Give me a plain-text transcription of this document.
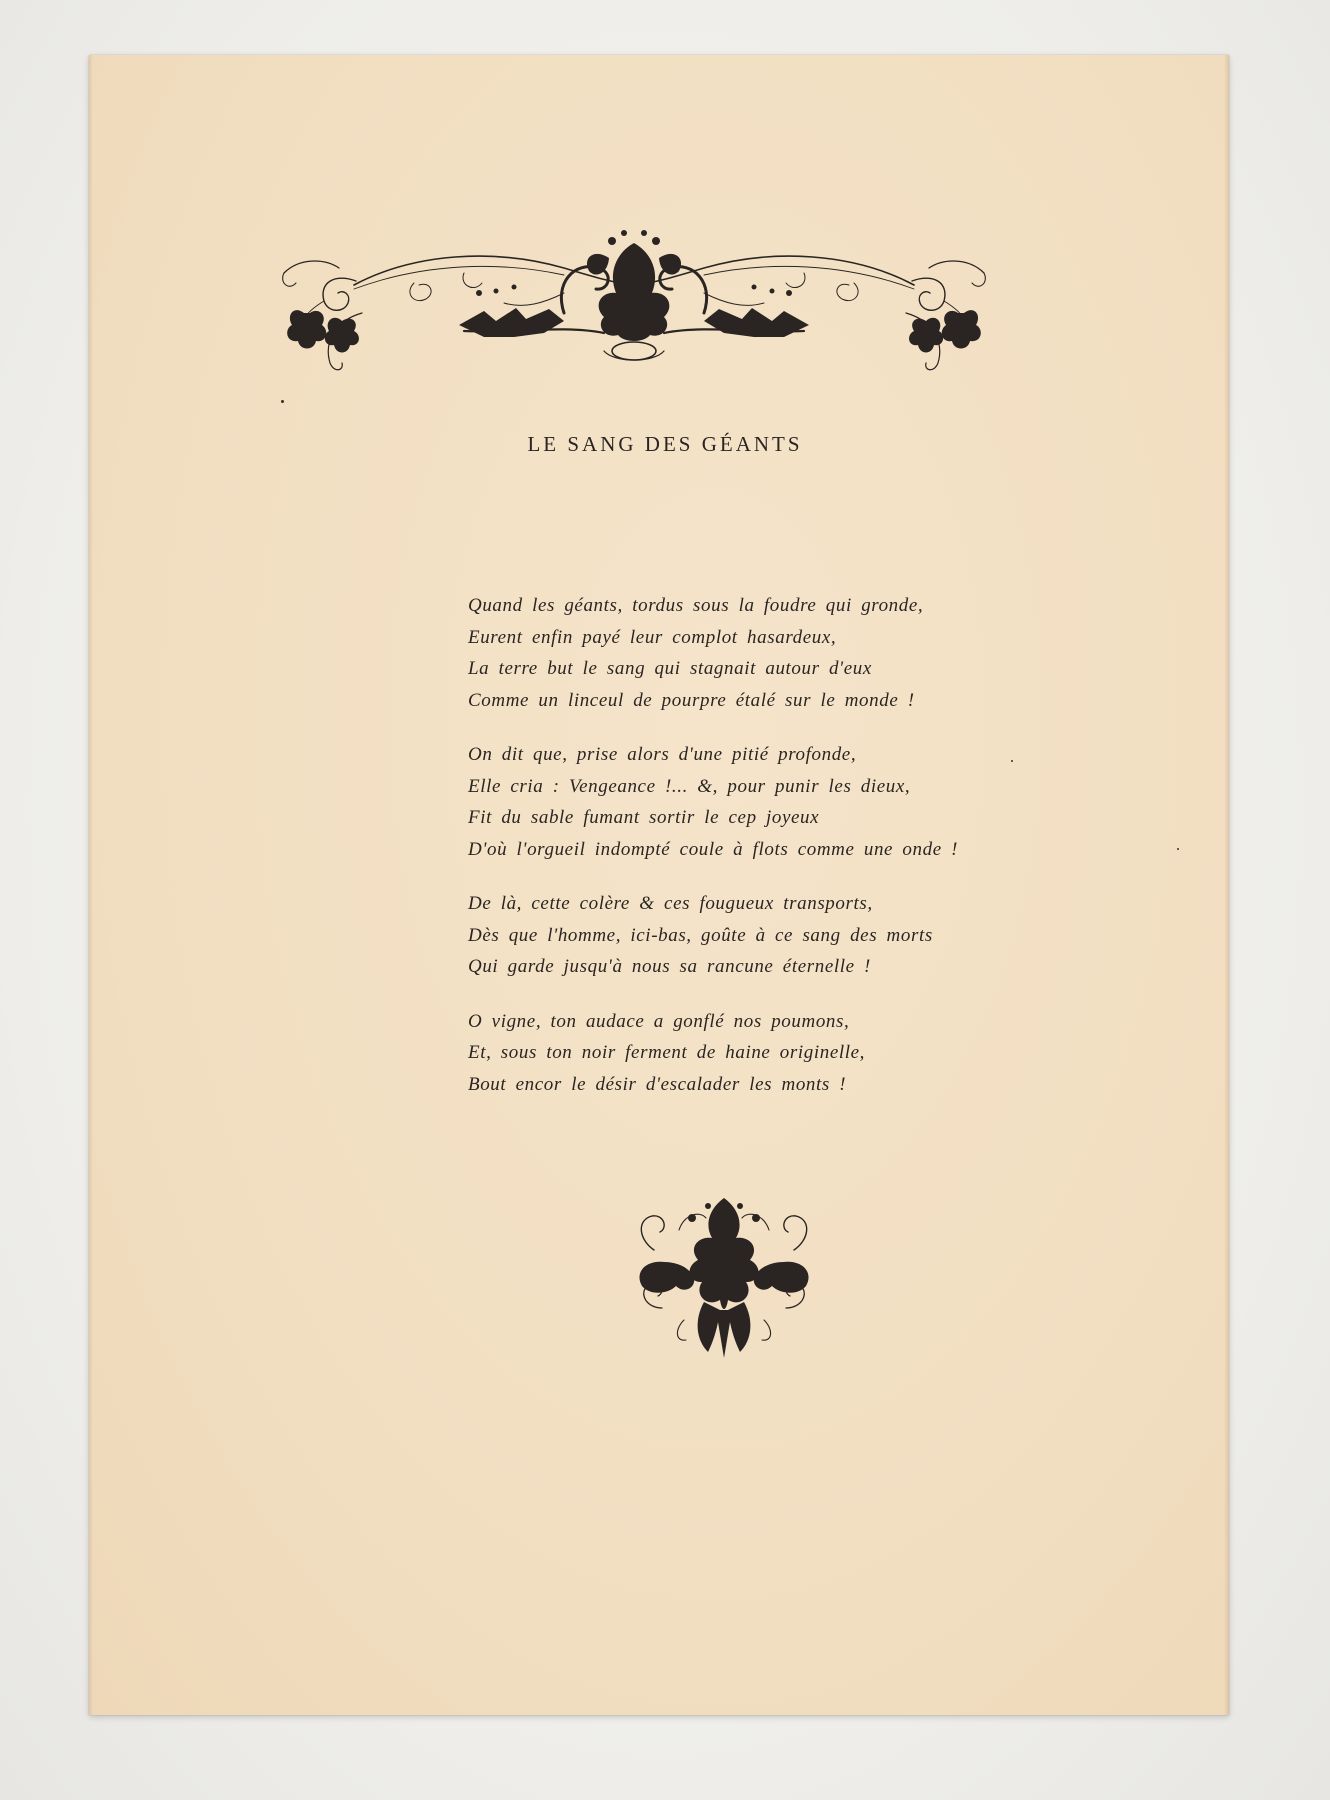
LE SANG DES GÉANTS
Quand les géants, tordus sous la foudre qui gronde,
Eurent enfin payé leur complot hasardeux,
La terre but le sang qui stagnait autour d'eux
Comme un linceul de pourpre étalé sur le monde !
On dit que, prise alors d'une pitié profonde,
Elle cria : Vengeance !... &, pour punir les dieux,
Fit du sable fumant sortir le cep joyeux
D'où l'orgueil indompté coule à flots comme une onde !
De là, cette colère & ces fougueux transports,
Dès que l'homme, ici-bas, goûte à ce sang des morts
Qui garde jusqu'à nous sa rancune éternelle !
O vigne, ton audace a gonflé nos poumons,
Et, sous ton noir ferment de haine originelle,
Bout encor le désir d'escalader les monts !
